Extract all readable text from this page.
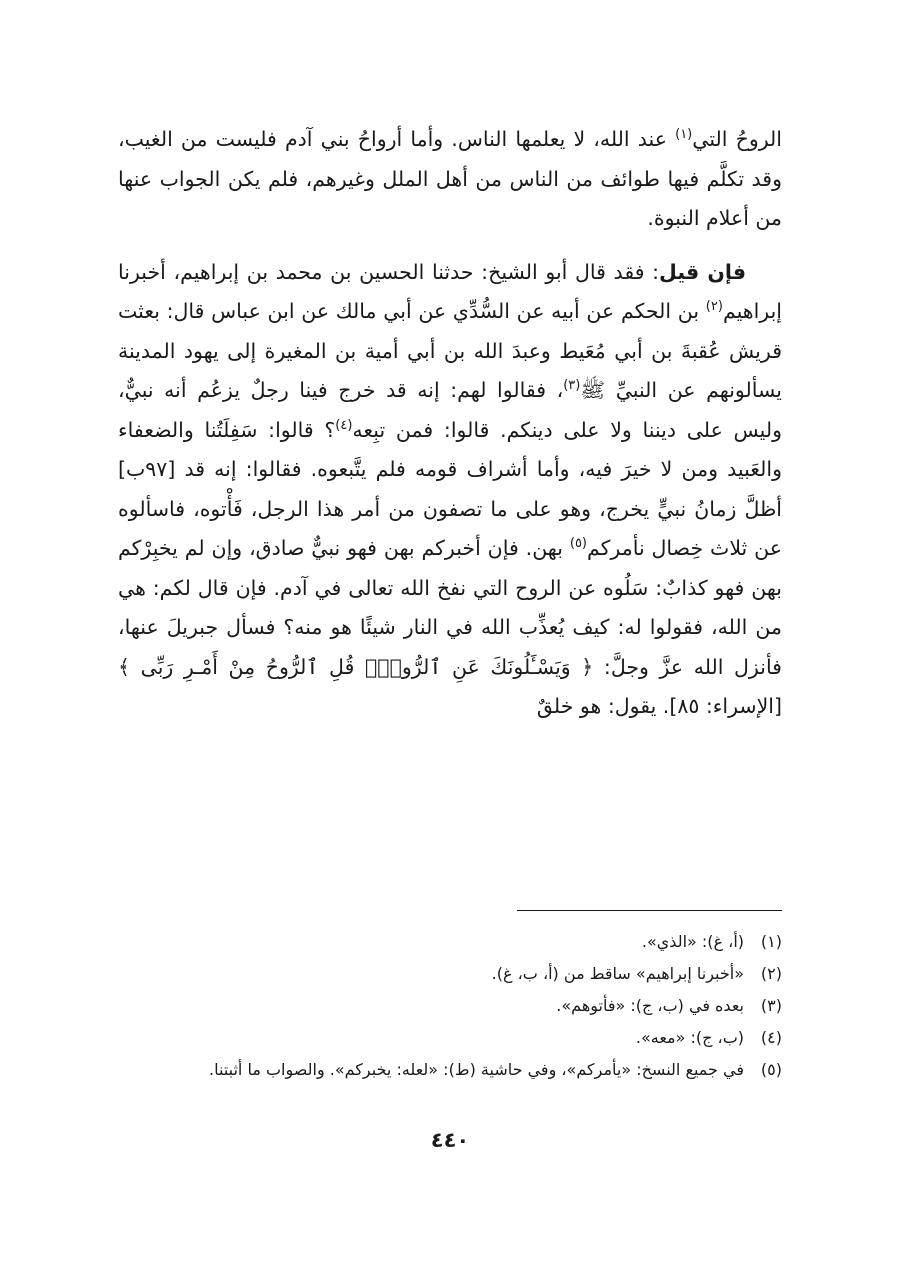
الروحُ التي$^{(١)}$ عند الله، لا يعلمها الناس. وأما أرواحُ بني آدم فليست من الغيب، وقد تكلَّم فيها طوائف من الناس من أهل الملل وغيرهم، فلم يكن الجواب عنها من أعلام النبوة.

فإن قيل: فقد قال أبو الشيخ: حدثنا الحسين بن محمد بن إبراهيم، أخبرنا إبراهيم$^{(٢)}$ بن الحكم عن أبيه عن السُّدِّي عن أبي مالك عن ابن عباس قال: بعثت قريش عُقبةَ بن أبي مُعَيط وعبدَ الله بن أبي أمية بن المغيرة إلى يهود المدينة يسألونهم عن النبيِّ ﷺ$^{(٣)}$، فقالوا لهم: إنه قد خرج فينا رجلٌ يزعُم أنه نبيٌّ، وليس على ديننا ولا على دينكم. قالوا: فمن تبِعه$^{(٤)}$؟ قالوا: سَفِلَتُنا والضعفاء والعَبيد ومن لا خيرَ فيه، وأما أشراف قومه فلم يتَّبعوه. فقالوا: إنه قد [٩٧ب] أظلَّ زمانُ نبيٍّ يخرج، وهو على ما تصفون من أمر هذا الرجل، فَأْتوه، فاسألوه عن ثلاث خِصال نأمركم$^{(٥)}$ بهن. فإن أخبركم بهن فهو نبيٌّ صادق، وإن لم يخبِرْكم بهن فهو كذابٌ: سَلُوه عن الروح التي نفخ الله تعالى في آدم. فإن قال لكم: هي من الله، فقولوا له: كيف يُعذِّب الله في النار شيئًا هو منه؟ فسأل جبريلَ عنها، فأنزل الله عزَّ وجلَّ: ﴿ وَيَسْـَٔلُونَكَ عَنِ ٱلرُّوحِۖ قُلِ ٱلرُّوحُ مِنْ أَمْـرِ رَبِّى ﴾ [الإسراء: ٨٥]. يقول: هو خلقٌ

(١)(أ، غ): «الذي».
(٢)«أخبرنا إبراهيم» ساقط من (أ، ب، غ).
(٣)بعده في (ب، ج): «فأتوهم».
(٤)(ب، ج): «معه».
(٥)في جميع النسخ: «يأمركم»، وفي حاشية (ط): «لعله: يخبركم». والصواب ما أثبتنا.
٤٤٠
